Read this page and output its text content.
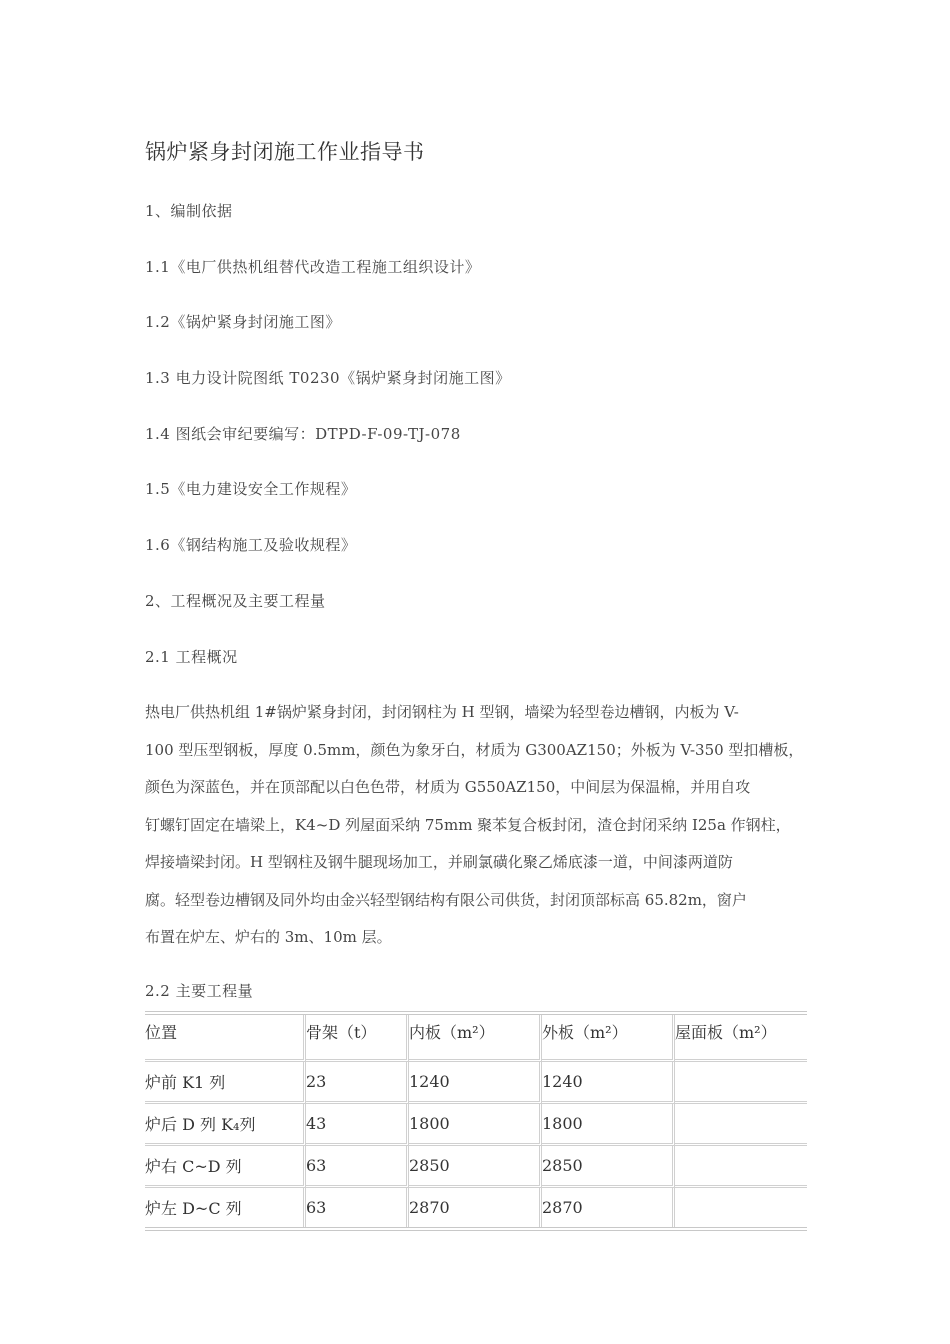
锅炉紧身封闭施工作业指导书
1、编制依据
1.1《电厂供热机组替代改造工程施工组织设计》
1.2《锅炉紧身封闭施工图》
1.3 电力设计院图纸 T0230《锅炉紧身封闭施工图》
1.4 图纸会审纪要编写：DTPD-F-09-TJ-078
1.5《电力建设安全工作规程》
1.6《钢结构施工及验收规程》
2、工程概况及主要工程量
2.1 工程概况
热电厂供热机组 1#锅炉紧身封闭，封闭钢柱为 H 型钢，墙梁为轻型卷边槽钢，内板为 V-
100 型压型钢板，厚度 0.5mm，颜色为象牙白，材质为 G300AZ150；外板为 V-350 型扣槽板，
颜色为深蓝色，并在顶部配以白色色带，材质为 G550AZ150，中间层为保温棉，并用自攻
钉螺钉固定在墙梁上，K4~D 列屋面采纳 75mm 聚苯复合板封闭，渣仓封闭采纳 I25a 作钢柱，
焊接墙梁封闭。H 型钢柱及钢牛腿现场加工，并刷氯磺化聚乙烯底漆一道，中间漆两道防
腐。轻型卷边槽钢及同外均由金兴轻型钢结构有限公司供货，封闭顶部标高 65.82m，窗户
布置在炉左、炉右的 3m、10m 层。
2.2 主要工程量
位置	骨架（t）	内板（m²）	外板（m²）	屋面板（m²）
炉前 K1 列	23	1240	1240	
炉后 D 列 K₄列	43	1800	1800	
炉右 C~D 列	63	2850	2850	
炉左 D~C 列	63	2870	2870	
